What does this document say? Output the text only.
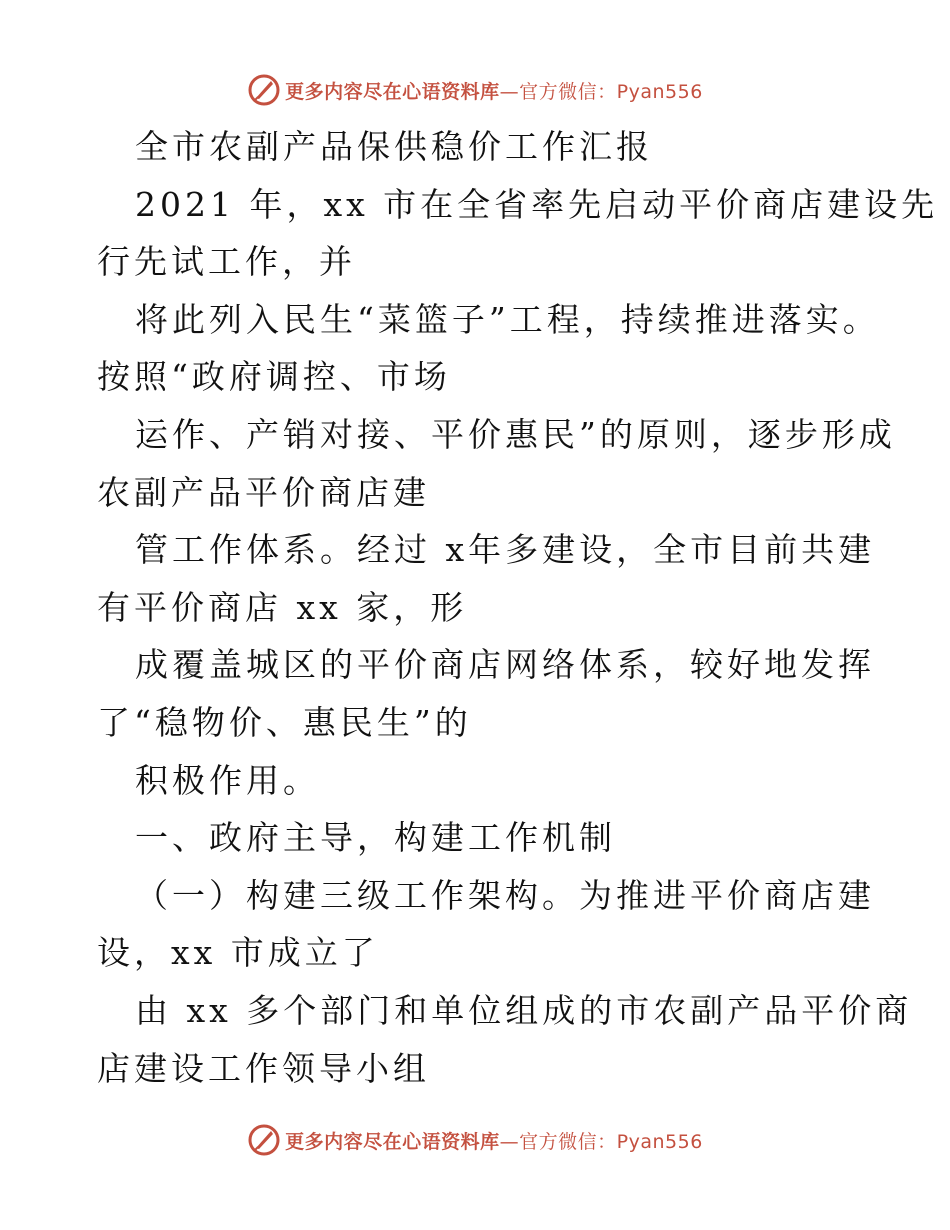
更多内容尽在心语资料库—官方微信：Pyan556
全市农副产品保供稳价工作汇报
2021 年，xx 市在全省率先启动平价商店建设先
行先试工作，并
将此列入民生“菜篮子”工程，持续推进落实。
按照“政府调控、市场
运作、产销对接、平价惠民”的原则，逐步形成
农副产品平价商店建
管工作体系。经过 x年多建设，全市目前共建
有平价商店 xx 家，形
成覆盖城区的平价商店网络体系，较好地发挥
了“稳物价、惠民生”的
积极作用。
一、政府主导，构建工作机制
（一）构建三级工作架构。为推进平价商店建
设，xx 市成立了
由 xx 多个部门和单位组成的市农副产品平价商
店建设工作领导小组
更多内容尽在心语资料库—官方微信：Pyan556
